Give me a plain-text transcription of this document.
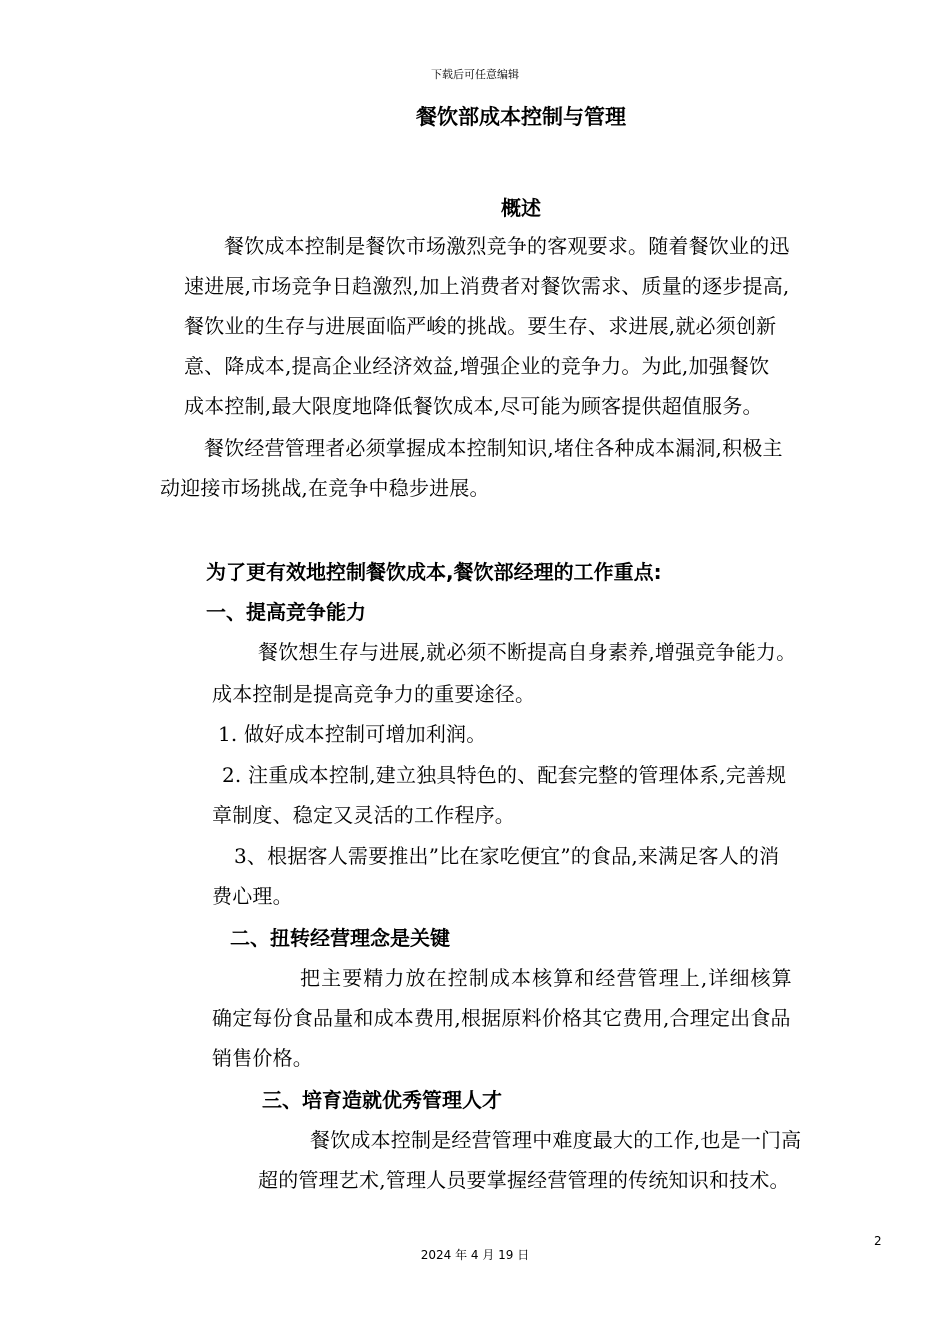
下载后可任意编辑
餐饮部成本控制与管理
概述
餐饮成本控制是餐饮市场激烈竞争的客观要求。随着餐饮业的迅
速进展,市场竞争日趋激烈,加上消费者对餐饮需求、质量的逐步提高,
餐饮业的生存与进展面临严峻的挑战。要生存、求进展,就必须创新
意、降成本,提高企业经济效益,增强企业的竞争力。为此,加强餐饮
成本控制,最大限度地降低餐饮成本,尽可能为顾客提供超值服务。
餐饮经营管理者必须掌握成本控制知识,堵住各种成本漏洞,积极主
动迎接市场挑战,在竞争中稳步进展。
为了更有效地控制餐饮成本,餐饮部经理的工作重点:
一、提高竞争能力
餐饮想生存与进展,就必须不断提高自身素养,增强竞争能力。
成本控制是提高竞争力的重要途径。
1. 做好成本控制可增加利润。
2. 注重成本控制,建立独具特色的、配套完整的管理体系,完善规
章制度、稳定又灵活的工作程序。
3、根据客人需要推出”比在家吃便宜”的食品,来满足客人的消
费心理。
二、扭转经营理念是关键
把主要精力放在控制成本核算和经营管理上,详细核算
确定每份食品量和成本费用,根据原料价格其它费用,合理定出食品
销售价格。
三、培育造就优秀管理人才
餐饮成本控制是经营管理中难度最大的工作,也是一门高
超的管理艺术,管理人员要掌握经营管理的传统知识和技术。
2
2024 年 4 月 19 日
